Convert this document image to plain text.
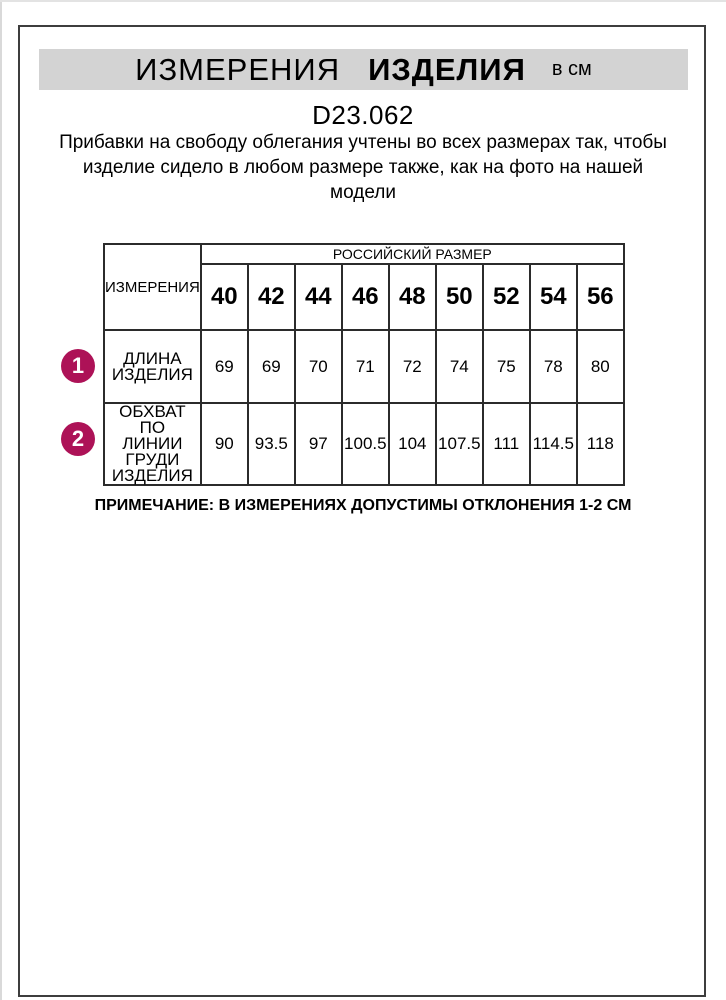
ИЗМЕРЕНИЯ ИЗДЕЛИЯ в см
D23.062
Прибавки на свободу облегания учтены во всех размерах так, чтобы
изделие сидело в любом размере также, как на фото на нашей
модели
ИЗМЕРЕНИЯ	РОССИЙСКИЙ РАЗМЕР								
	40	42	44	46	48	50	52	54	56

ДЛИНА
ИЗДЕЛИЯ	69	69	70	71	72	74	75	78	80

ОБХВАТ ПО
ЛИНИИ ГРУДИ
ИЗДЕЛИЯ	90	93.5	97	100.5	104	107.5	111	114.5	118
1
2
ПРИМЕЧАНИЕ: В ИЗМЕРЕНИЯХ ДОПУСТИМЫ ОТКЛОНЕНИЯ 1-2 СМ
